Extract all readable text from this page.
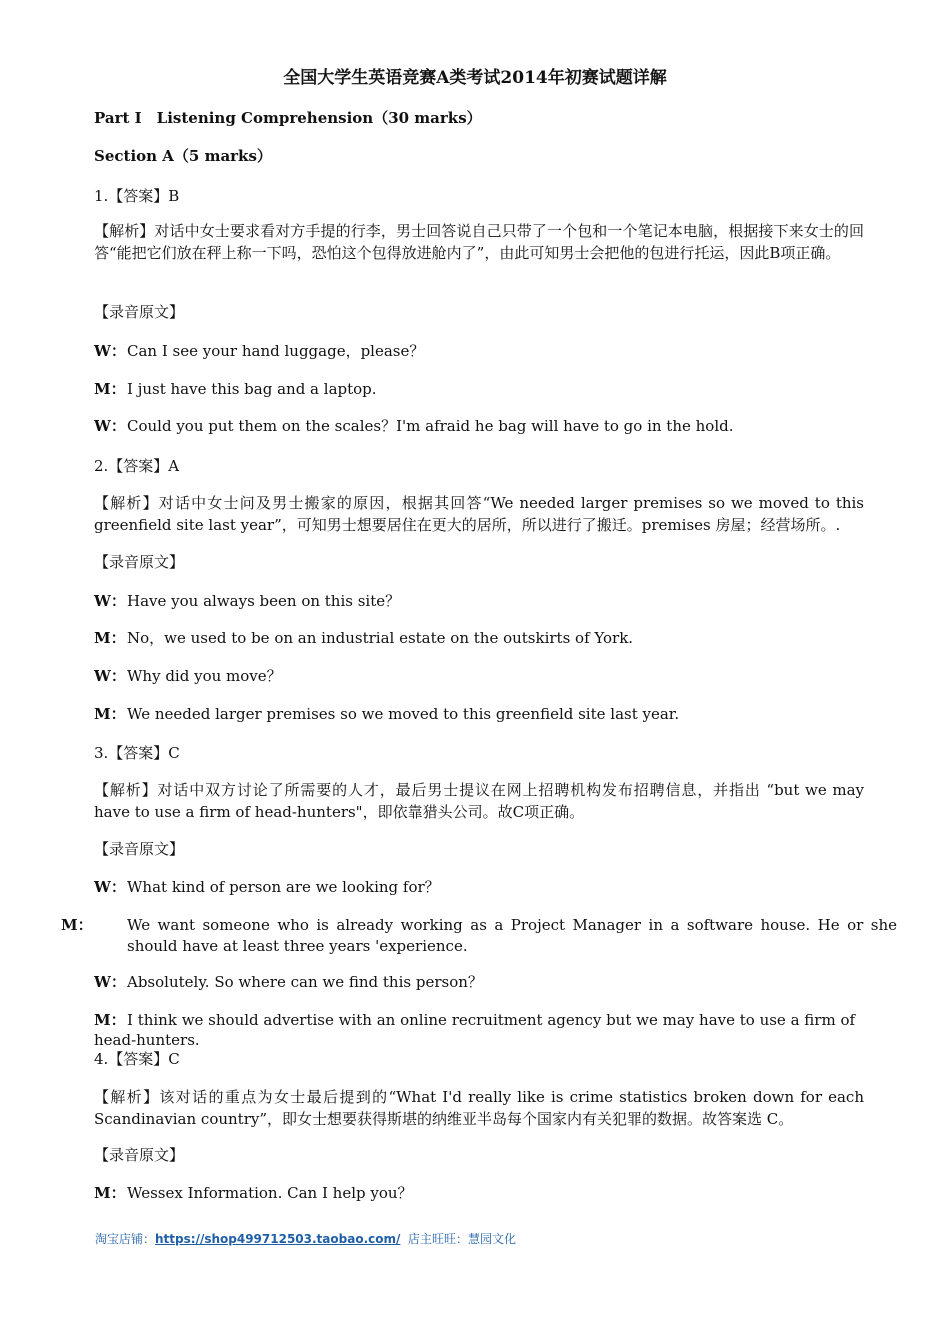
全国大学生英语竞赛A类考试2014年初赛试题详解
Part I　Listening Comprehension（30 marks）
Section A（5 marks）
1.【答案】B
【解析】对话中女士要求看对方手提的行李，男士回答说自己只带了一个包和一个笔记本电脑，根据接下来女士的回答“能把它们放在秤上称一下吗，恐怕这个包得放进舱内了”，由此可知男士会把他的包进行托运，因此B项正确。
【录音原文】
W：Can I see your hand luggage，please？
M：I just have this bag and a laptop.
W：Could you put them on the scales？I'm afraid he bag will have to go in the hold.
2.【答案】A
【解析】对话中女士问及男士搬家的原因，根据其回答“We needed larger premises so we moved to this greenfield site last year”，可知男士想要居住在更大的居所，所以进行了搬迁。premises 房屋；经营场所。.
【录音原文】
W：Have you always been on this site？
M：No，we used to be on an industrial estate on the outskirts of York.
W：Why did you move？
M：We needed larger premises so we moved to this greenfield site last year.
3.【答案】C
【解析】对话中双方讨论了所需要的人才，最后男士提议在网上招聘机构发布招聘信息，并指出 “but we may have to use a firm of head-hunters"，即依靠猎头公司。故C项正确。
【录音原文】
W：What kind of person are we looking for？
M： We want someone who is already working as a Project Manager in a software house. He or she should have at least three years 'experience.
W：Absolutely. So where can we find this person？
M：I think we should advertise with an online recruitment agency but we may have to use a firm of head-hunters.
4.【答案】C
【解析】该对话的重点为女士最后提到的“What I'd really like is crime statistics broken down for each Scandinavian country”，即女士想要获得斯堪的纳维亚半岛每个国家内有关犯罪的数据。故答案选 C。
【录音原文】
M：Wessex Information. Can I help you？
淘宝店铺：https://shop499712503.taobao.com/ 店主旺旺：慧园文化
